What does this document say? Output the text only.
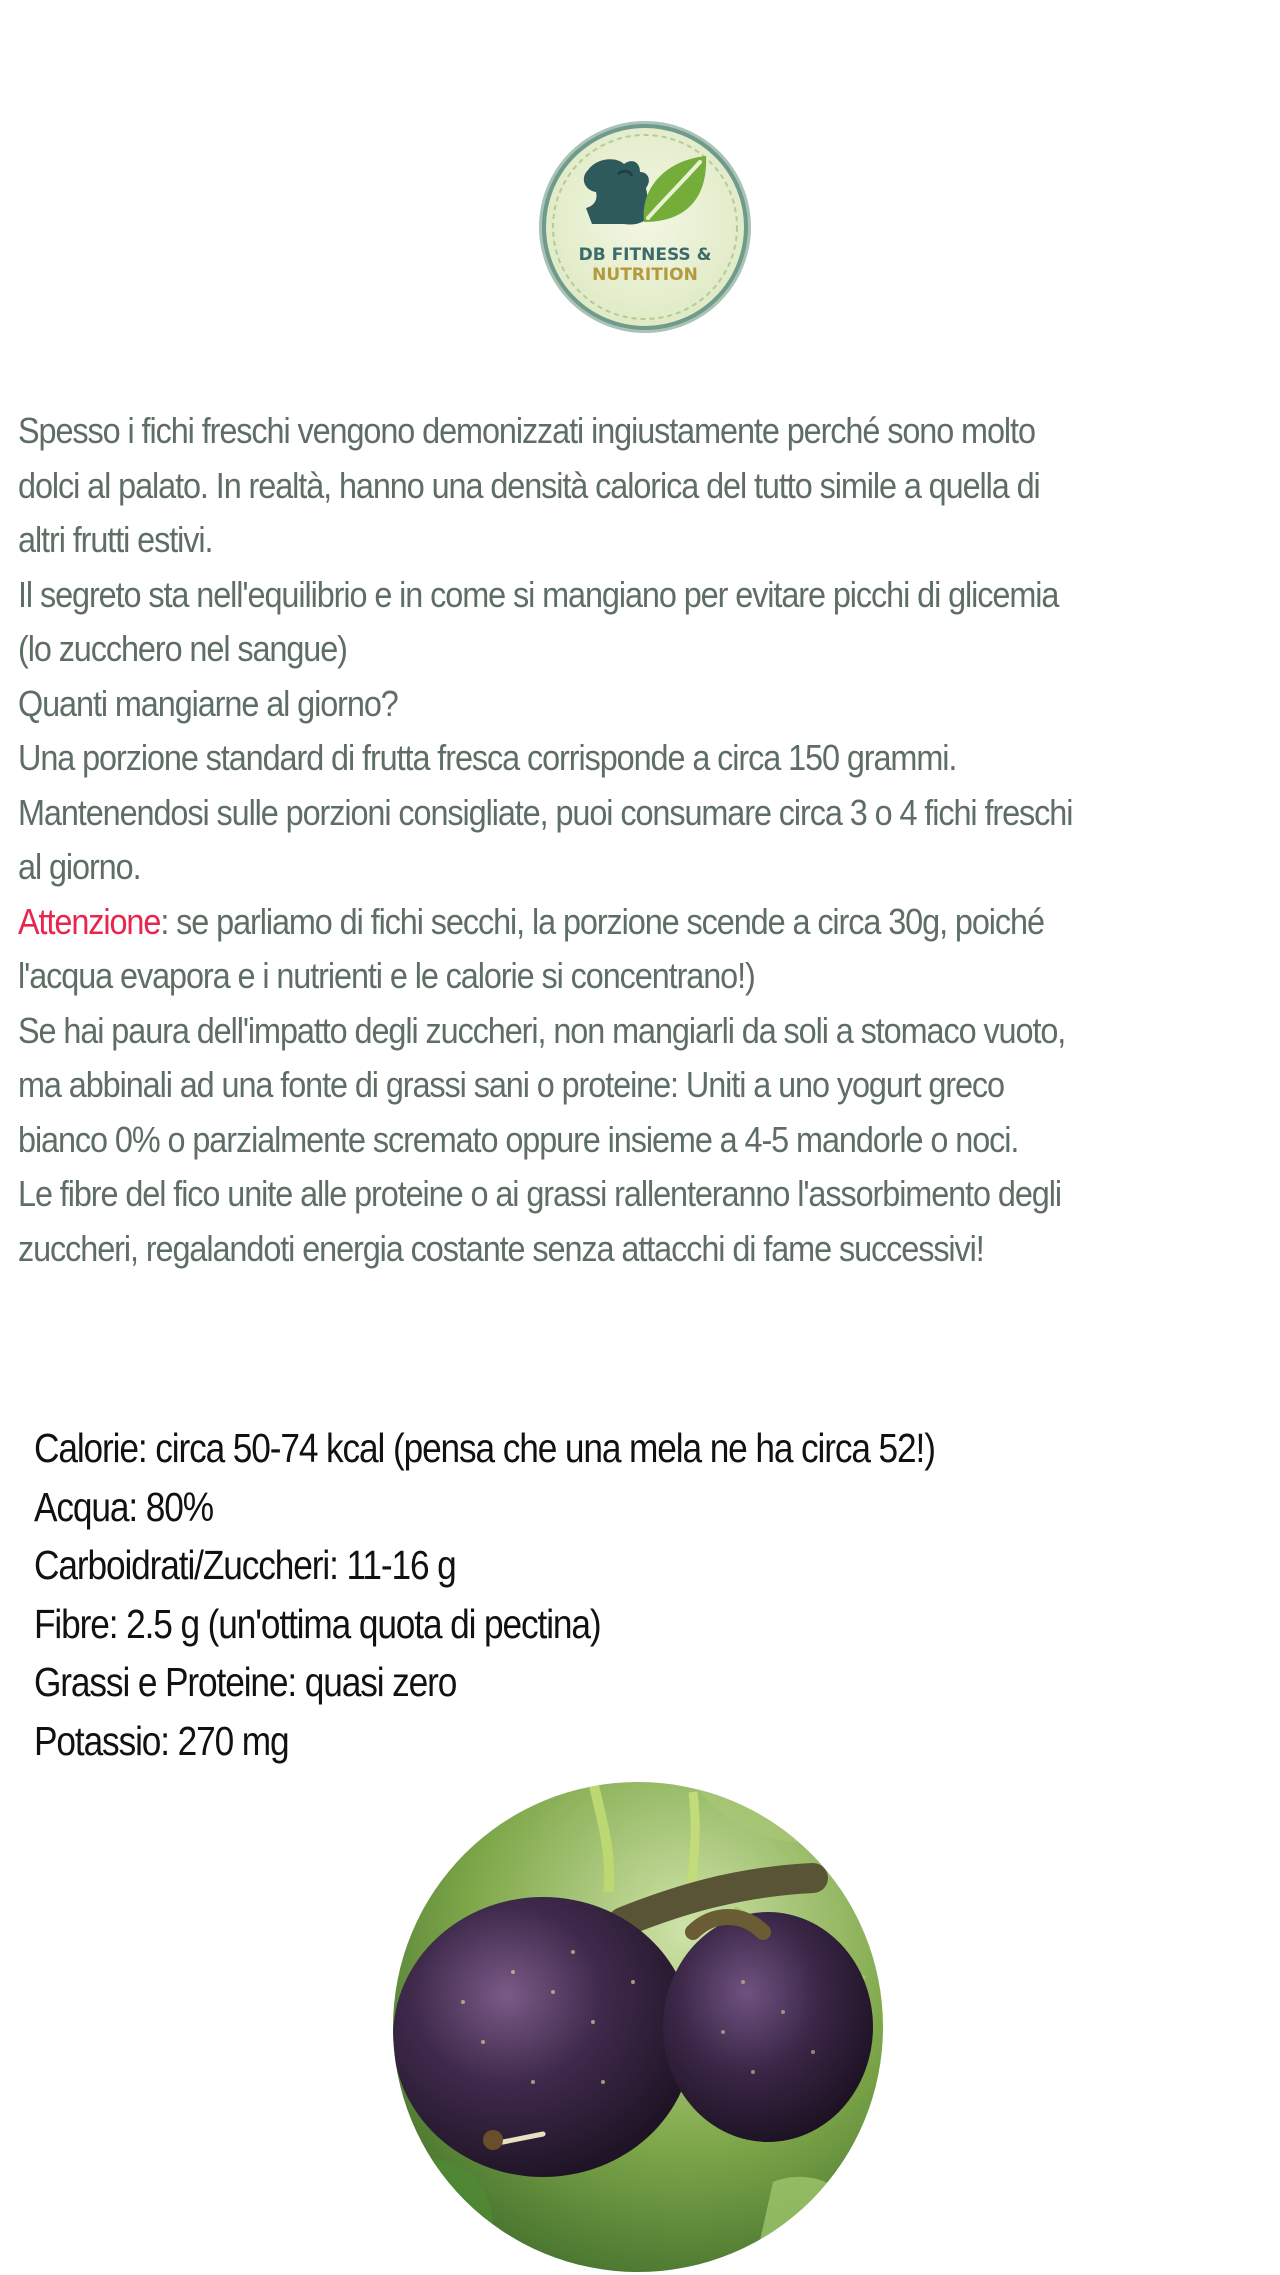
DB FITNESS &
NUTRITION

Spesso i fichi freschi vengono demonizzati ingiustamente perché sono molto

dolci al palato. In realtà, hanno una densità calorica del tutto simile a quella di

altri frutti estivi.

Il segreto sta nell'equilibrio e in come si mangiano per evitare picchi di glicemia

(lo zucchero nel sangue)

Quanti mangiarne al giorno?

Una porzione standard di frutta fresca corrisponde a circa 150 grammi.

Mantenendosi sulle porzioni consigliate, puoi consumare circa 3 o 4 fichi freschi

al giorno.

Attenzione: se parliamo di fichi secchi, la porzione scende a circa 30g, poiché

l'acqua evapora e i nutrienti e le calorie si concentrano!)

Se hai paura dell'impatto degli zuccheri, non mangiarli da soli a stomaco vuoto,

ma abbinali ad una fonte di grassi sani o proteine: Uniti a uno yogurt greco

bianco 0% o parzialmente scremato oppure insieme a 4-5 mandorle o noci.

Le fibre del fico unite alle proteine o ai grassi rallenteranno l'assorbimento degli

zuccheri, regalandoti energia costante senza attacchi di fame successivi!

Calorie: circa 50-74 kcal (pensa che una mela ne ha circa 52!)

Acqua: 80%

Carboidrati/Zuccheri: 11-16 g

Fibre: 2.5 g (un'ottima quota di pectina)

Grassi e Proteine: quasi zero

Potassio: 270 mg
